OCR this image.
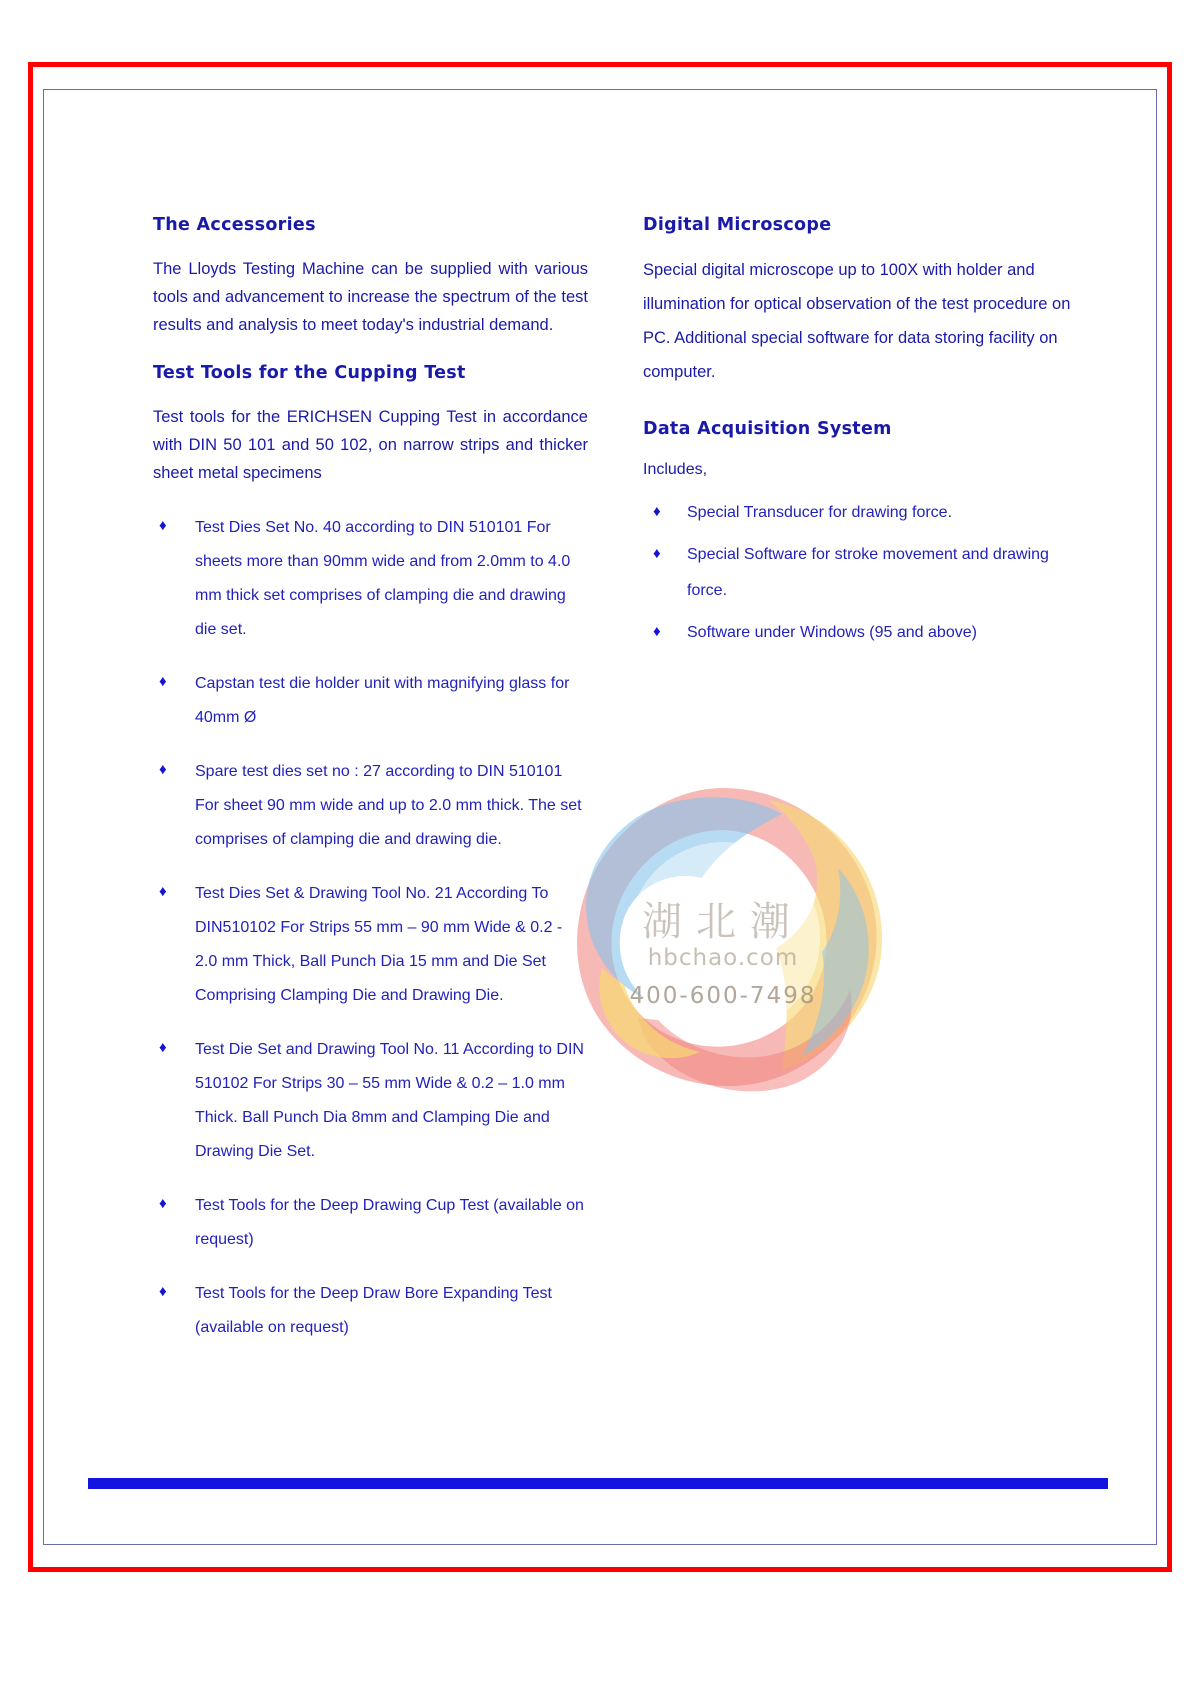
The Accessories

The Lloyds Testing Machine can be supplied with various tools and advancement to increase the spectrum of the test results and analysis to meet today's industrial demand.

Test Tools for the Cupping Test

Test tools for the ERICHSEN Cupping Test in accordance with DIN 50 101 and 50 102, on narrow strips and thicker sheet metal specimens

♦ Test Dies Set No. 40 according to DIN 510101 For sheets more than 90mm wide and from 2.0mm to 4.0 mm thick set comprises of clamping die and drawing die set.
♦ Capstan test die holder unit with magnifying glass for 40mm Ø
♦ Spare test dies set no : 27 according to DIN 510101 For sheet 90 mm wide and up to 2.0 mm thick. The set comprises of clamping die and drawing die.
♦ Test Dies Set & Drawing Tool No. 21 According To DIN510102 For Strips 55 mm – 90 mm Wide & 0.2 - 2.0 mm Thick, Ball Punch Dia 15 mm and Die Set Comprising Clamping Die and Drawing Die.
♦ Test Die Set and Drawing Tool No. 11 According to DIN 510102 For Strips 30 – 55 mm Wide & 0.2 – 1.0 mm Thick. Ball Punch Dia 8mm and Clamping Die and Drawing Die Set.
♦ Test Tools for the Deep Drawing Cup Test (available on request)
♦ Test Tools for the Deep Draw Bore Expanding Test (available on request)
Digital Microscope

Special digital microscope up to 100X with holder and illumination for optical observation of the test procedure on PC. Additional special software for data storing facility on computer.

Data Acquisition System

Includes,

♦ Special Transducer for drawing force.
♦ Special Software for stroke movement and drawing force.
♦ Software under Windows (95 and above)
湖北潮
hbchao.com
400-600-7498
